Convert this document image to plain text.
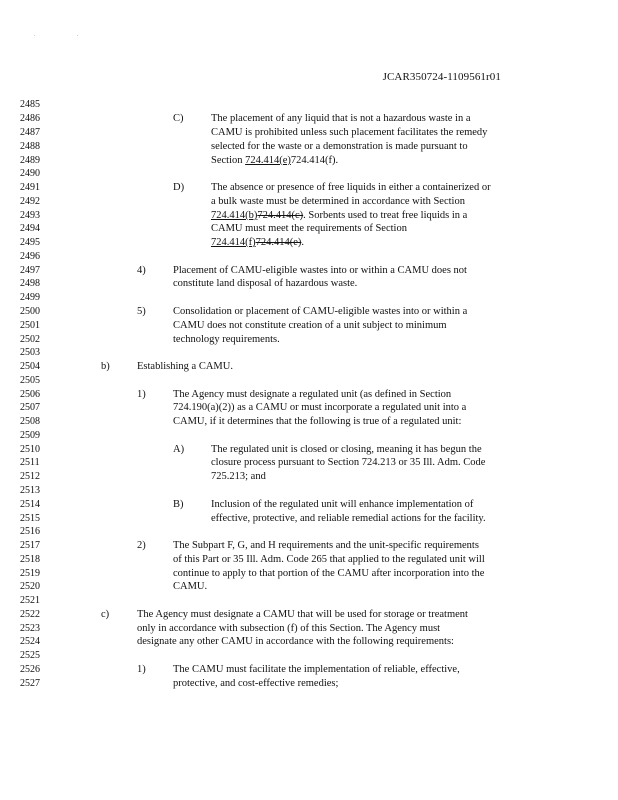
. .
JCAR350724-1109561r01
2485
2486
2487
2488
2489
2490
2491
2492
2493
2494
2495
2496
2497
2498
2499
2500
2501
2502
2503
2504
2505
2506
2507
2508
2509
2510
2511
2512
2513
2514
2515
2516
2517
2518
2519
2520
2521
2522
2523
2524
2525
2526
2527
C)	The placement of any liquid that is not a hazardous waste in a
CAMU is prohibited unless such placement facilitates the remedy
selected for the waste or a demonstration is made pursuant to
Section 724.414(e)724.414(f).
D)	The absence or presence of free liquids in either a containerized or
a bulk waste must be determined in accordance with Section
724.414(b)724.414(c). Sorbents used to treat free liquids in a
CAMU must meet the requirements of Section
724.414(f)724.414(e).
4)	Placement of CAMU-eligible wastes into or within a CAMU does not
constitute land disposal of hazardous waste.
5)	Consolidation or placement of CAMU-eligible wastes into or within a
CAMU does not constitute creation of a unit subject to minimum
technology requirements.
b)	Establishing a CAMU.
1)	The Agency must designate a regulated unit (as defined in Section
724.190(a)(2)) as a CAMU or must incorporate a regulated unit into a
CAMU, if it determines that the following is true of a regulated unit:
A)	The regulated unit is closed or closing, meaning it has begun the
closure process pursuant to Section 724.213 or 35 Ill. Adm. Code
725.213; and
B)	Inclusion of the regulated unit will enhance implementation of
effective, protective, and reliable remedial actions for the facility.
2)	The Subpart F, G, and H requirements and the unit-specific requirements
of this Part or 35 Ill. Adm. Code 265 that applied to the regulated unit will
continue to apply to that portion of the CAMU after incorporation into the
CAMU.
c)	The Agency must designate a CAMU that will be used for storage or treatment
only in accordance with subsection (f) of this Section. The Agency must
designate any other CAMU in accordance with the following requirements:
1)	The CAMU must facilitate the implementation of reliable, effective,
protective, and cost-effective remedies;
